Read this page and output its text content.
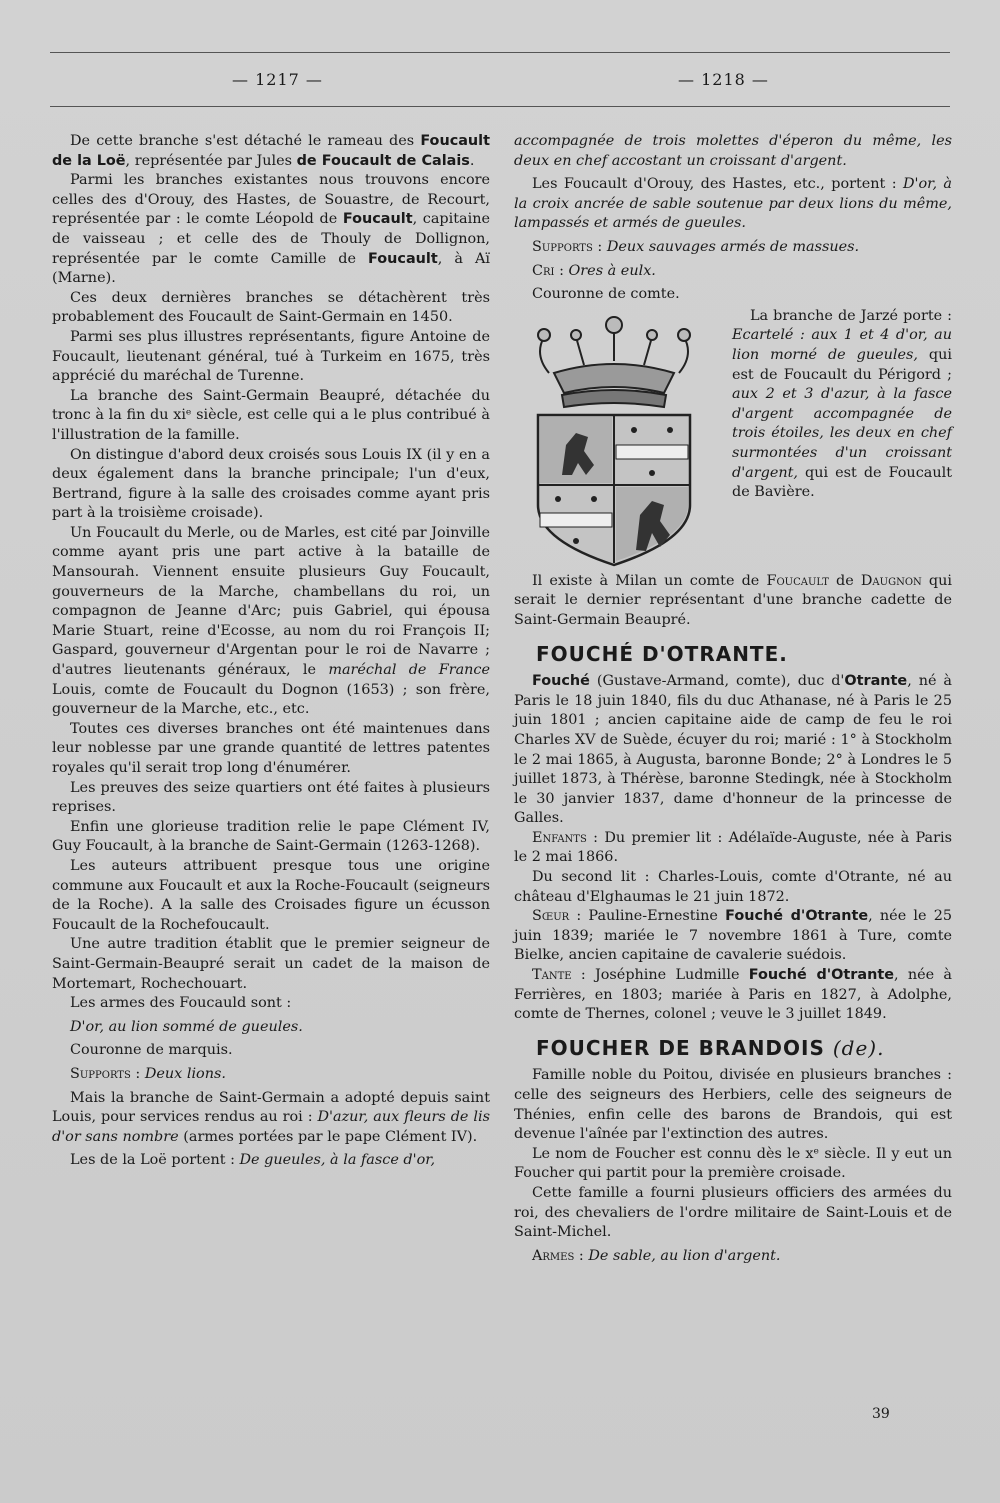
— 1217 —	— 1218 —

De cette branche s'est détaché le rameau des Foucault de la Loë, représentée par Jules de Foucault de Calais.

Parmi les branches existantes nous trouvons encore celles des d'Orouy, des Hastes, de Souastre, de Recourt, représentée par : le comte Léopold de Foucault, capitaine de vaisseau ; et celle des de Thouly de Dollignon, représentée par le comte Camille de Foucault, à Aï (Marne).

Ces deux dernières branches se détachèrent très probablement des Foucault de Saint-Germain en 1450.

Parmi ses plus illustres représentants, figure Antoine de Foucault, lieutenant général, tué à Turkeim en 1675, très apprécié du maréchal de Turenne.

La branche des Saint-Germain Beaupré, détachée du tronc à la fin du xiᵉ siècle, est celle qui a le plus contribué à l'illustration de la famille.

On distingue d'abord deux croisés sous Louis IX (il y en a deux également dans la branche principale; l'un d'eux, Bertrand, figure à la salle des croisades comme ayant pris part à la troisième croisade).

Un Foucault du Merle, ou de Marles, est cité par Joinville comme ayant pris une part active à la bataille de Mansourah. Viennent ensuite plusieurs Guy Foucault, gouverneurs de la Marche, chambellans du roi, un compagnon de Jeanne d'Arc; puis Gabriel, qui épousa Marie Stuart, reine d'Ecosse, au nom du roi François II; Gaspard, gouverneur d'Argentan pour le roi de Navarre ; d'autres lieutenants généraux, le maréchal de France Louis, comte de Foucault du Dognon (1653) ; son frère, gouverneur de la Marche, etc., etc.

Toutes ces diverses branches ont été maintenues dans leur noblesse par une grande quantité de lettres patentes royales qu'il serait trop long d'énumérer.

Les preuves des seize quartiers ont été faites à plusieurs reprises.

Enfin une glorieuse tradition relie le pape Clément IV, Guy Foucault, à la branche de Saint-Germain (1263-1268).

Les auteurs attribuent presque tous une origine commune aux Foucault et aux la Roche-Foucault (seigneurs de la Roche). A la salle des Croisades figure un écusson Foucault de la Rochefoucault.

Une autre tradition établit que le premier seigneur de Saint-Germain-Beaupré serait un cadet de la maison de Mortemart, Rochechouart.

Les armes des Foucauld sont :

D'or, au lion sommé de gueules.

Couronne de marquis.

Supports : Deux lions.

Mais la branche de Saint-Germain a adopté depuis saint Louis, pour services rendus au roi : D'azur, aux fleurs de lis d'or sans nombre (armes portées par le pape Clément IV).

Les de la Loë portent : De gueules, à la fasce d'or,

accompagnée de trois molettes d'éperon du même, les deux en chef accostant un croissant d'argent.

Les Foucault d'Orouy, des Hastes, etc., portent : D'or, à la croix ancrée de sable soutenue par deux lions du même, lampassés et armés de gueules.

Supports : Deux sauvages armés de massues.

Cri : Ores à eulx.

Couronne de comte.

La branche de Jarzé porte : Ecartelé : aux 1 et 4 d'or, au lion morné de gueules, qui est de Foucault du Périgord ; aux 2 et 3 d'azur, à la fasce d'argent accompagnée de trois étoiles, les deux en chef surmontées d'un croissant d'argent, qui est de Foucault de Bavière.

Il existe à Milan un comte de Foucault de Daugnon qui serait le dernier représentant d'une branche cadette de Saint-Germain Beaupré.

FOUCHÉ D'OTRANTE.

Fouché (Gustave-Armand, comte), duc d'Otrante, né à Paris le 18 juin 1840, fils du duc Athanase, né à Paris le 25 juin 1801 ; ancien capitaine aide de camp de feu le roi Charles XV de Suède, écuyer du roi; marié : 1° à Stockholm le 2 mai 1865, à Augusta, baronne Bonde; 2° à Londres le 5 juillet 1873, à Thérèse, baronne Stedingk, née à Stockholm le 30 janvier 1837, dame d'honneur de la princesse de Galles.

Enfants : Du premier lit : Adélaïde-Auguste, née à Paris le 2 mai 1866.

Du second lit : Charles-Louis, comte d'Otrante, né au château d'Elghaumas le 21 juin 1872.

Sœur : Pauline-Ernestine Fouché d'Otrante, née le 25 juin 1839; mariée le 7 novembre 1861 à Ture, comte Bielke, ancien capitaine de cavalerie suédois.

Tante : Joséphine Ludmille Fouché d'Otrante, née à Ferrières, en 1803; mariée à Paris en 1827, à Adolphe, comte de Thernes, colonel ; veuve le 3 juillet 1849.

FOUCHER DE BRANDOIS (de).

Famille noble du Poitou, divisée en plusieurs branches : celle des seigneurs des Herbiers, celle des seigneurs de Thénies, enfin celle des barons de Brandois, qui est devenue l'aînée par l'extinction des autres.

Le nom de Foucher est connu dès le xᵉ siècle. Il y eut un Foucher qui partit pour la première croisade.

Cette famille a fourni plusieurs officiers des armées du roi, des chevaliers de l'ordre militaire de Saint-Louis et de Saint-Michel.

Armes : De sable, au lion d'argent.

39
